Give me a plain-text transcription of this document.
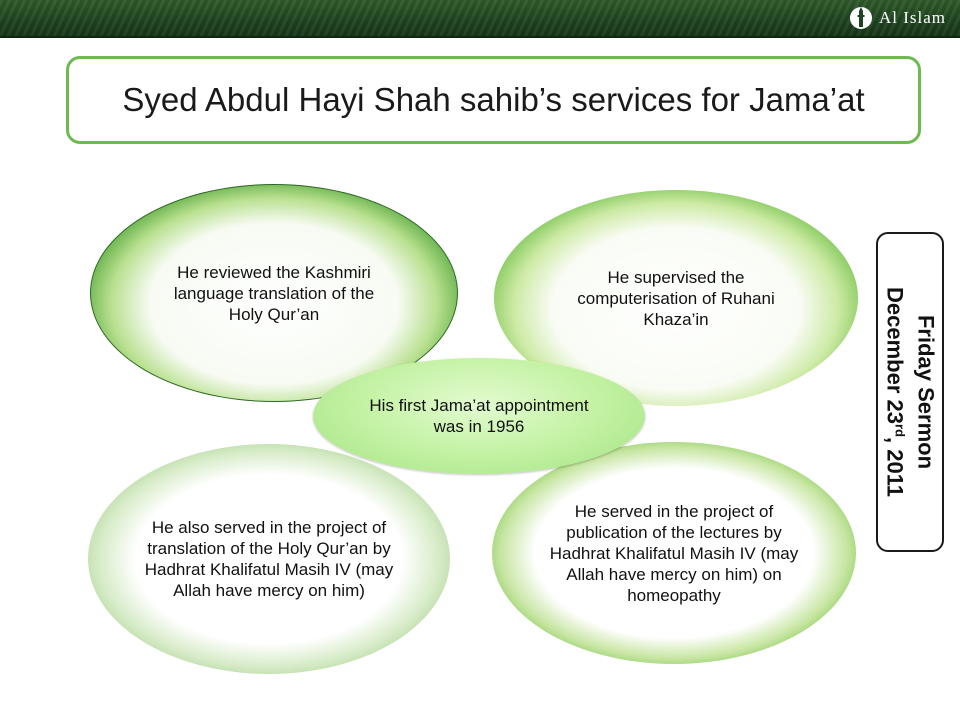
Al Islam
Syed Abdul Hayi Shah sahib’s services for Jama’at
He reviewed the Kashmiri language translation of the Holy Qur’an
He supervised the computerisation of Ruhani Khaza’in
He also served in the project of translation of the Holy Qur’an by Hadhrat Khalifatul Masih IV (may Allah have mercy on him)
He served in the project of publication of the lectures by Hadhrat Khalifatul Masih IV (may Allah have mercy on him) on homeopathy
His first Jama’at appointment was in 1956	Friday Sermon
December 23rd, 2011
